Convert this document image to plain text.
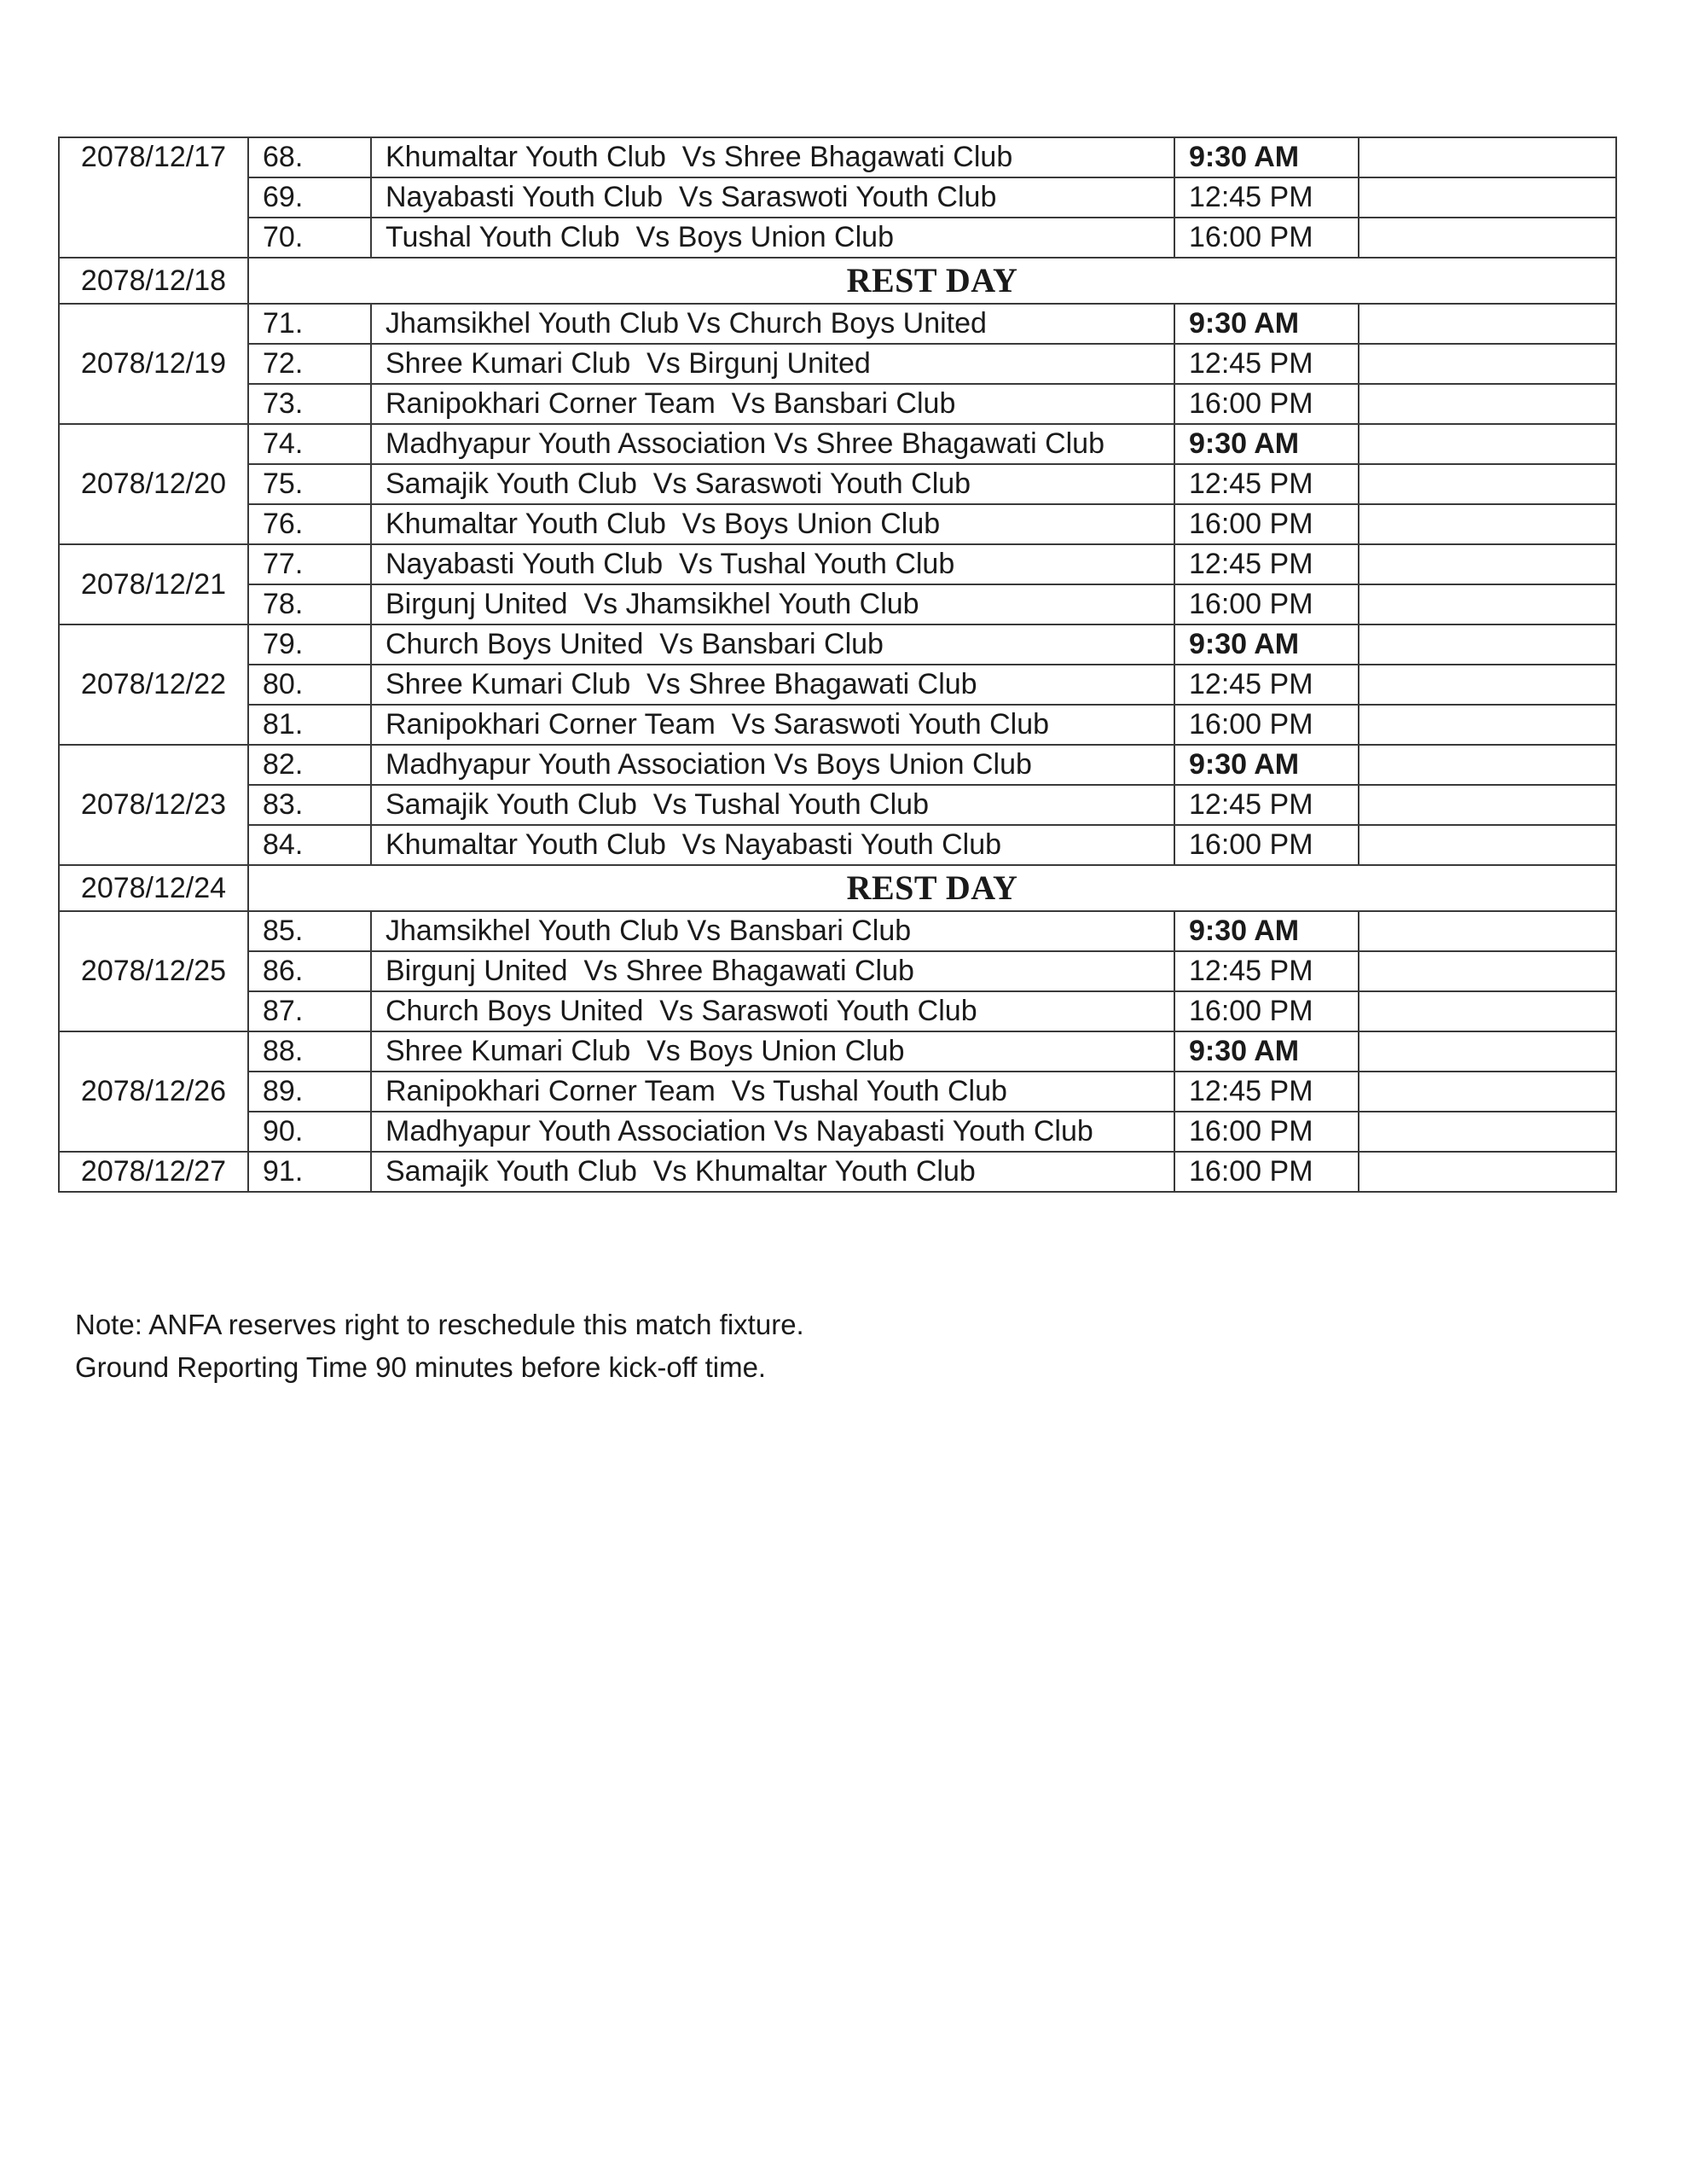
2078/12/17	68.	Khumaltar Youth Club  Vs Shree Bhagawati Club	9:30 AM	
	69.	Nayabasti Youth Club  Vs Saraswoti Youth Club	12:45 PM	
	70.	Tushal Youth Club  Vs Boys Union Club	16:00 PM	
2078/12/18	REST DAY			
2078/12/19	71.	Jhamsikhel Youth Club Vs Church Boys United	9:30 AM	
	72.	Shree Kumari Club  Vs Birgunj United	12:45 PM	
	73.	Ranipokhari Corner Team  Vs Bansbari Club	16:00 PM	
2078/12/20	74.	Madhyapur Youth Association Vs Shree Bhagawati Club	9:30 AM	
	75.	Samajik Youth Club  Vs Saraswoti Youth Club	12:45 PM	
	76.	Khumaltar Youth Club  Vs Boys Union Club	16:00 PM	
2078/12/21	77.	Nayabasti Youth Club  Vs Tushal Youth Club	12:45 PM	
	78.	Birgunj United  Vs Jhamsikhel Youth Club	16:00 PM	
2078/12/22	79.	Church Boys United  Vs Bansbari Club	9:30 AM	
	80.	Shree Kumari Club  Vs Shree Bhagawati Club	12:45 PM	
	81.	Ranipokhari Corner Team  Vs Saraswoti Youth Club	16:00 PM	
2078/12/23	82.	Madhyapur Youth Association Vs Boys Union Club	9:30 AM	
	83.	Samajik Youth Club  Vs Tushal Youth Club	12:45 PM	
	84.	Khumaltar Youth Club  Vs Nayabasti Youth Club	16:00 PM	
2078/12/24	REST DAY			
2078/12/25	85.	Jhamsikhel Youth Club Vs Bansbari Club	9:30 AM	
	86.	Birgunj United  Vs Shree Bhagawati Club	12:45 PM	
	87.	Church Boys United  Vs Saraswoti Youth Club	16:00 PM	
2078/12/26	88.	Shree Kumari Club  Vs Boys Union Club	9:30 AM	
	89.	Ranipokhari Corner Team  Vs Tushal Youth Club	12:45 PM	
	90.	Madhyapur Youth Association Vs Nayabasti Youth Club	16:00 PM	
2078/12/27	91.	Samajik Youth Club  Vs Khumaltar Youth Club	16:00 PM	
Note: ANFA reserves right to reschedule this match fixture.
Ground Reporting Time 90 minutes before kick-off time.
